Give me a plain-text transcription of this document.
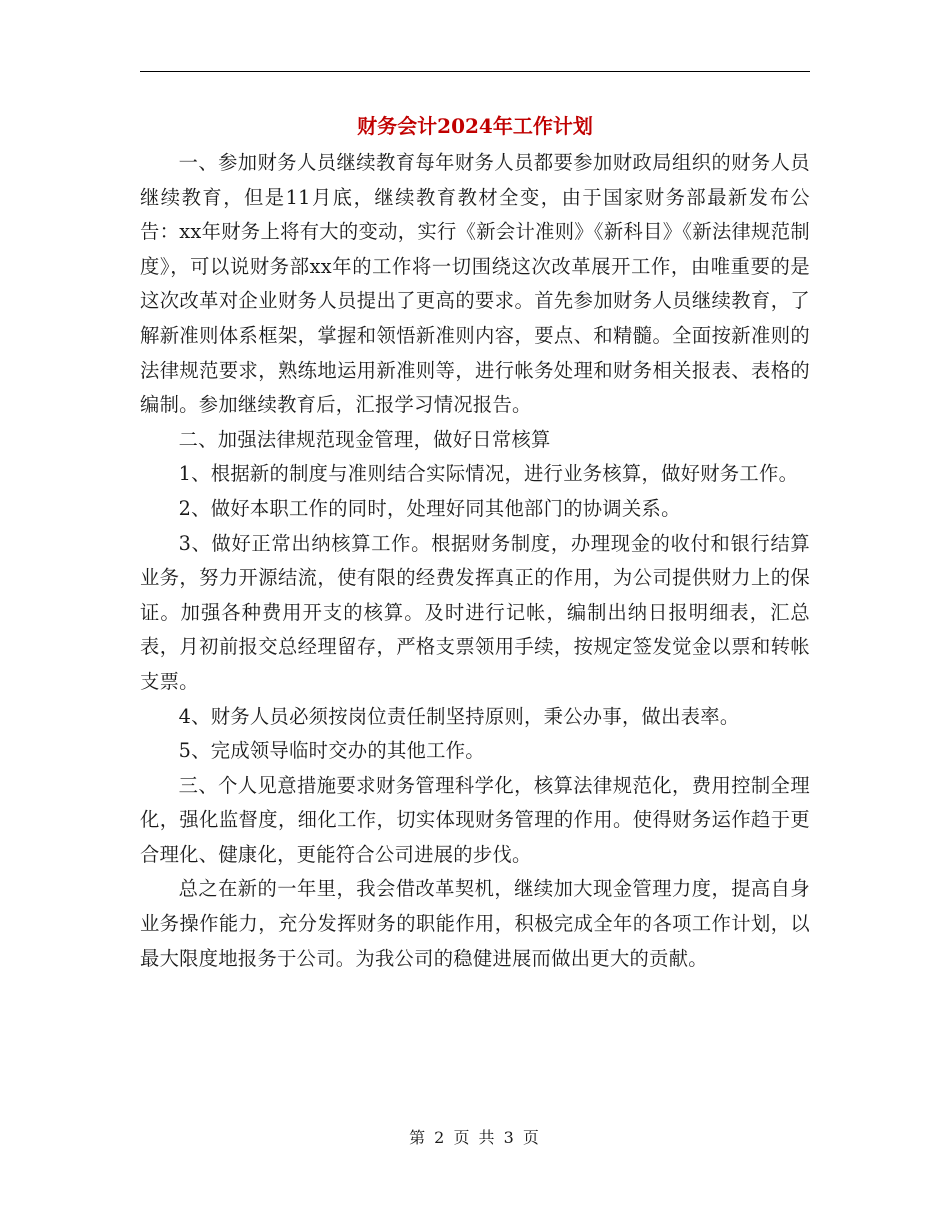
财务会计2024年工作计划

一、参加财务人员继续教育每年财务人员都要参加财政局组织的财务人员继续教育，但是11月底，继续教育教材全变，由于国家财务部最新发布公告：xx年财务上将有大的变动，实行《新会计准则》《新科目》《新法律规范制度》，可以说财务部xx年的工作将一切围绕这次改革展开工作，由唯重要的是这次改革对企业财务人员提出了更高的要求。首先参加财务人员继续教育，了解新准则体系框架，掌握和领悟新准则内容，要点、和精髓。全面按新准则的法律规范要求，熟练地运用新准则等，进行帐务处理和财务相关报表、表格的编制。参加继续教育后，汇报学习情况报告。

二、加强法律规范现金管理，做好日常核算

1、根据新的制度与准则结合实际情况，进行业务核算，做好财务工作。

2、做好本职工作的同时，处理好同其他部门的协调关系。

3、做好正常出纳核算工作。根据财务制度，办理现金的收付和银行结算业务，努力开源结流，使有限的经费发挥真正的作用，为公司提供财力上的保证。加强各种费用开支的核算。及时进行记帐，编制出纳日报明细表，汇总表，月初前报交总经理留存，严格支票领用手续，按规定签发觉金以票和转帐支票。

4、财务人员必须按岗位责任制坚持原则，秉公办事，做出表率。

5、完成领导临时交办的其他工作。

三、个人见意措施要求财务管理科学化，核算法律规范化，费用控制全理化，强化监督度，细化工作，切实体现财务管理的作用。使得财务运作趋于更合理化、健康化，更能符合公司进展的步伐。

总之在新的一年里，我会借改革契机，继续加大现金管理力度，提高自身业务操作能力，充分发挥财务的职能作用，积极完成全年的各项工作计划，以最大限度地报务于公司。为我公司的稳健进展而做出更大的贡献。

第 2 页 共 3 页
